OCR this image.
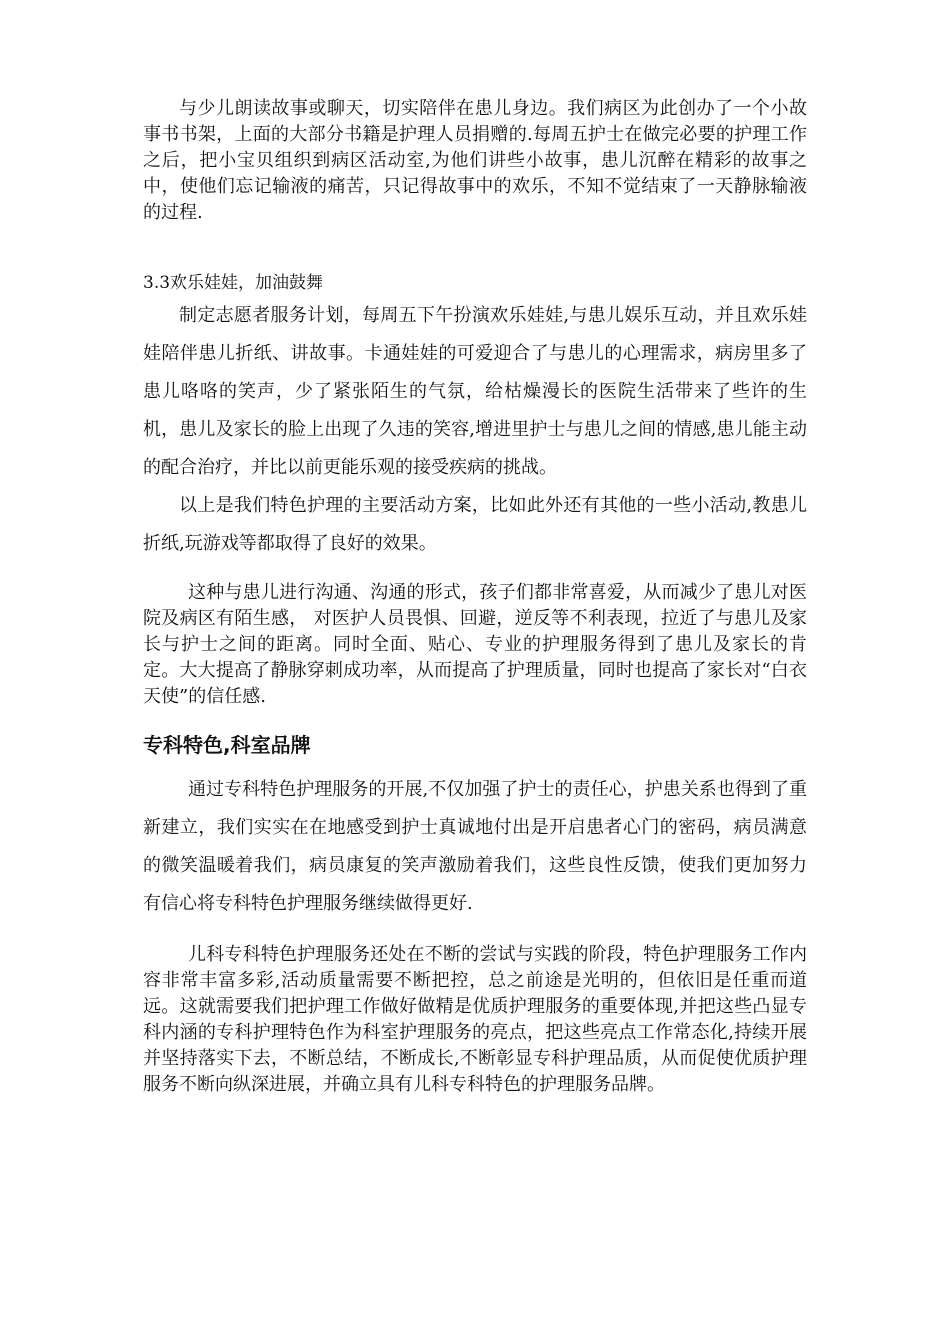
与少儿朗读故事或聊天，切实陪伴在患儿身边。我们病区为此创办了一个小故事书书架，上面的大部分书籍是护理人员捐赠的.每周五护士在做完必要的护理工作之后，把小宝贝组织到病区活动室,为他们讲些小故事，患儿沉醉在精彩的故事之中，使他们忘记输液的痛苦，只记得故事中的欢乐，不知不觉结束了一天静脉输液的过程.

3.3欢乐娃娃，加油鼓舞

制定志愿者服务计划，每周五下午扮演欢乐娃娃,与患儿娱乐互动，并且欢乐娃娃陪伴患儿折纸、讲故事。卡通娃娃的可爱迎合了与患儿的心理需求，病房里多了患儿咯咯的笑声，少了紧张陌生的气氛，给枯燥漫长的医院生活带来了些许的生机，患儿及家长的脸上出现了久违的笑容,增进里护士与患儿之间的情感,患儿能主动的配合治疗，并比以前更能乐观的接受疾病的挑战。

以上是我们特色护理的主要活动方案，比如此外还有其他的一些小活动,教患儿折纸,玩游戏等都取得了良好的效果。

这种与患儿进行沟通、沟通的形式，孩子们都非常喜爱，从而减少了患儿对医院及病区有陌生感， 对医护人员畏惧、回避，逆反等不利表现，拉近了与患儿及家长与护士之间的距离。同时全面、贴心、专业的护理服务得到了患儿及家长的肯定。大大提高了静脉穿刺成功率，从而提高了护理质量，同时也提高了家长对“白衣天使”的信任感.

专科特色,科室品牌

通过专科特色护理服务的开展,不仅加强了护士的责任心，护患关系也得到了重新建立，我们实实在在地感受到护士真诚地付出是开启患者心门的密码，病员满意的微笑温暖着我们，病员康复的笑声激励着我们，这些良性反馈，使我们更加努力有信心将专科特色护理服务继续做得更好.

儿科专科特色护理服务还处在不断的尝试与实践的阶段，特色护理服务工作内容非常丰富多彩,活动质量需要不断把控，总之前途是光明的，但依旧是任重而道远。这就需要我们把护理工作做好做精是优质护理服务的重要体现,并把这些凸显专科内涵的专科护理特色作为科室护理服务的亮点，把这些亮点工作常态化,持续开展并坚持落实下去，不断总结，不断成长,不断彰显专科护理品质，从而促使优质护理服务不断向纵深进展，并确立具有儿科专科特色的护理服务品牌。
